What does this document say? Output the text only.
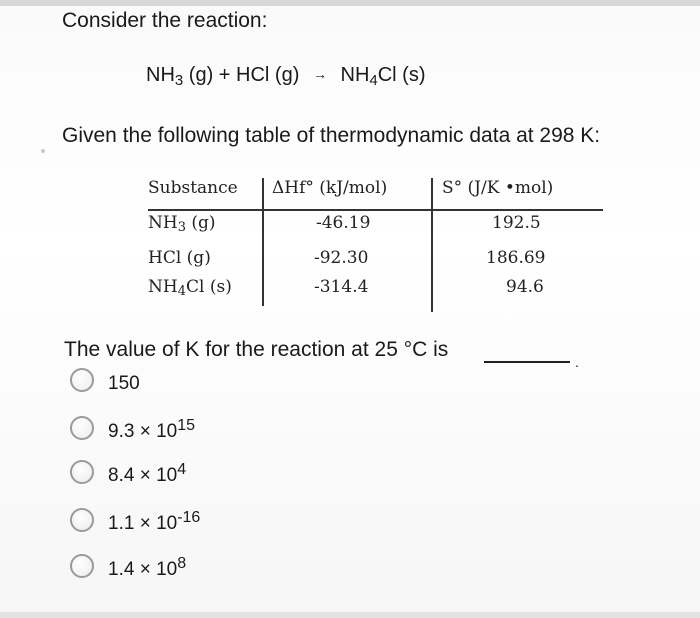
Consider the reaction:
$NH_3$ (g) + HCl $(g) \to NH_4Cl$ (s)
Given the following table of thermodynamic data at 298 K:
Substance ΔHf° (kJ/mol)	S° (J/K •mol)
$NH_3$ (g)	-46.19	192.5
HCl (g)	-92.30	186.69
$NH_4Cl$ (s)	-314.4	94.6
The value of K for the reaction at 25 °C is
.
150
$9.3 \times 10^{15}$
$8.4 \times 10^4$
$1.1 \times 10^{-16}$
$1.4 \times 10^8$
